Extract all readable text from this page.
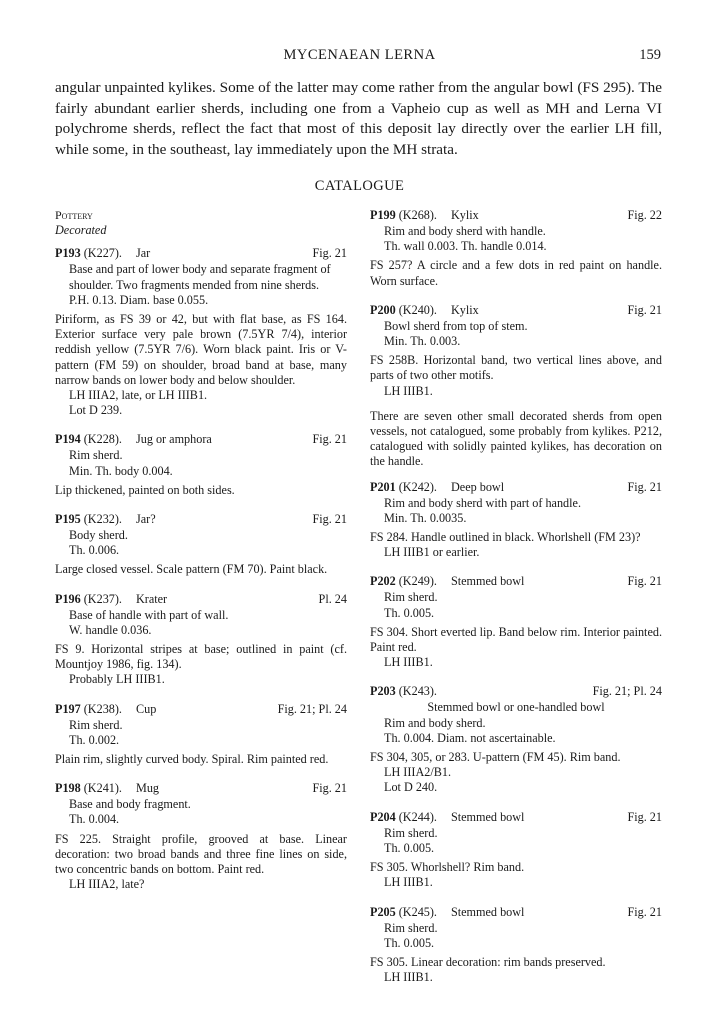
MYCENAEAN LERNA	159

angular unpainted kylikes. Some of the latter may come rather from the angular bowl (FS 295). The fairly abundant earlier sherds, including one from a Vapheio cup as well as MH and Lerna VI polychrome sherds, reflect the fact that most of this deposit lay directly over the earlier LH fill, while some, in the southeast, lay immediately upon the MH strata.

CATALOGUE
Pottery
Decorated
P193 (K227). Jar	Fig. 21
Base and part of lower body and separate fragment of shoulder. Two fragments mended from nine sherds.
P.H. 0.13. Diam. base 0.055.
Piriform, as FS 39 or 42, but with flat base, as FS 164. Exterior surface very pale brown (7.5YR 7/4), interior reddish yellow (7.5YR 7/6). Worn black paint. Iris or V-pattern (FM 59) on shoulder, broad band at base, many narrow bands on lower body and below shoulder.
LH IIIA2, late, or LH IIIB1.
Lot D 239.
P194 (K228). Jug or amphora	Fig. 21
Rim sherd.
Min. Th. body 0.004.
Lip thickened, painted on both sides.
P195 (K232). Jar?	Fig. 21
Body sherd.
Th. 0.006.
Large closed vessel. Scale pattern (FM 70). Paint black.
P196 (K237). Krater	Pl. 24
Base of handle with part of wall.
W. handle 0.036.
FS 9. Horizontal stripes at base; outlined in paint (cf. Mountjoy 1986, fig. 134).
Probably LH IIIB1.
P197 (K238). Cup	Fig. 21; Pl. 24
Rim sherd.
Th. 0.002.
Plain rim, slightly curved body. Spiral. Rim painted red.
P198 (K241). Mug	Fig. 21
Base and body fragment.
Th. 0.004.
FS 225. Straight profile, grooved at base. Linear decoration: two broad bands and three fine lines on side, two concentric bands on bottom. Paint red.
LH IIIA2, late?
P199 (K268). Kylix	Fig. 22
Rim and body sherd with handle.
Th. wall 0.003. Th. handle 0.014.
FS 257? A circle and a few dots in red paint on handle. Worn surface.
P200 (K240). Kylix	Fig. 21
Bowl sherd from top of stem.
Min. Th. 0.003.
FS 258B. Horizontal band, two vertical lines above, and parts of two other motifs.
LH IIIB1.
There are seven other small decorated sherds from open vessels, not catalogued, some probably from kylikes. P212, catalogued with solidly painted kylikes, has decoration on the handle.
P201 (K242). Deep bowl	Fig. 21
Rim and body sherd with part of handle.
Min. Th. 0.0035.
FS 284. Handle outlined in black. Whorlshell (FM 23)?
LH IIIB1 or earlier.
P202 (K249). Stemmed bowl	Fig. 21
Rim sherd.
Th. 0.005.
FS 304. Short everted lip. Band below rim. Interior painted. Paint red.
LH IIIB1.
P203 (K243).	Fig. 21; Pl. 24
Stemmed bowl or one-handled bowl
Rim and body sherd.
Th. 0.004. Diam. not ascertainable.
FS 304, 305, or 283. U-pattern (FM 45). Rim band.
LH IIIA2/B1.
Lot D 240.
P204 (K244). Stemmed bowl	Fig. 21
Rim sherd.
Th. 0.005.
FS 305. Whorlshell? Rim band.
LH IIIB1.
P205 (K245). Stemmed bowl	Fig. 21
Rim sherd.
Th. 0.005.
FS 305. Linear decoration: rim bands preserved.
LH IIIB1.
